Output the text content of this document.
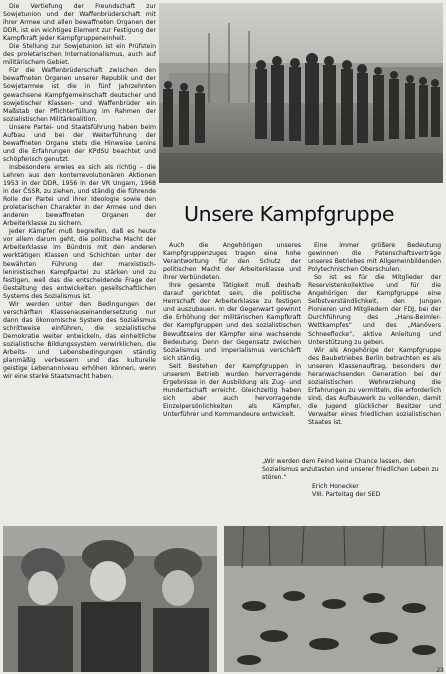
Die Vertiefung der Freundschaft zur Sowjetunion und der Waffenbrüderschaft mit ihrer Armee und allen bewaffneten Organen der DDR, ist ein wichtiges Element zur Festigung der Kampfkraft jeder Kampfgruppeneinheit.

Die Stellung zur Sowjetunion ist ein Prüfstein des proletarischen Internationalismus, auch auf militärischem Gebiet.

Für die Waffenbrüderschaft zwischen den bewaffneten Organen unserer Republik und der Sowjetarmee ist die in fünf Jahrzehnten gewachsene Kampfgemeinschaft deutscher und sowjetischer Klassen- und Waffenbrüder ein Maßstab der Pflichterfüllung im Rahmen der sozialistischen Militärkoalition.

Unsere Partei- und Staatsführung haben beim Aufbau und bei der Weiterführung der bewaffneten Organe stets die Hinweise Lenins und die Erfahrungen der KPdSU beachtet und schöpferisch genutzt.

Insbesondere erwies es sich als richtig – die Lehren aus den konterrevolutionären Aktionen 1953 in der DDR, 1956 in der VR Ungarn, 1968 in der ČSSR, zu ziehen, und ständig die führende Rolle der Partei und ihrer Ideologie sowie den proletarischen Charakter in der Armee und den anderen bewaffneten Organen der Arbeiterklasse zu sichern.

Jeder Kämpfer muß begreifen, daß es heute vor allem darum geht, die politische Macht der Arbeiterklasse im Bündnis mit den anderen werktätigen Klassen und Schichten unter der bewährten Führung der marxistisch-leninistischen Kampfpartei zu stärken und zu festigen, weil das die entscheidende Frage der Gestaltung des entwickelten gesellschaftlichen Systems des Sozialismus ist.

Wir werden unter den Bedingungen der verschärften Klassenauseinandersetzung nur dann das ökonomische System des Sozialismus schrittweise einführen, die sozialistische Demokratie weiter entwickeln, das einheitliche sozialistische Bildungssystem verwirklichen, die Arbeits- und Lebensbedingungen ständig planmäßig verbessern und das kulturelle geistige Lebenanniveau erhöhen können, wenn wir eine starke Staatsmacht haben.

Unsere Kampfgruppe

Auch die Angehörigen unseres Kampfgruppenzuges tragen eine hohe Verantwortung für den Schutz der politischen Macht der Arbeiterklasse und ihrer Verbündeten.

Ihre gesamte Tätigkeit muß deshalb darauf gerichtet sein, die politische Herrschaft der Arbeiterklasse zu festigen und auszubauen. In der Gegenwart gewinnt die Erhöhung der militärischen Kampfkraft der Kampfgruppen und des sozialistischen Bewußtseins der Kämpfer eine wachsende Bedeutung. Denn der Gegensatz zwischen Sozialismus und Imperialismus verschärft sich ständig.

Seit Bestehen der Kampfgruppen in unserem Betrieb wurden hervorragende Ergebnisse in der Ausbildung als Zug- und Hundertschaft erreicht. Gleichzeitig haben sich aber auch hervorragende Einzelpersönlichkeiten als Kämpfer, Unterführer und Kommandeure entwickelt.

Eine immer größere Bedeutung gewinnen die Patenschaftsverträge unseres Betriebes mit Allgemeinbildenden Polytechnischen Oberschulen.

So ist es für die Mitglieder der Reservistenkollektive und für die Angehörigen der Kampfgruppe eine Selbstverständlichkeit, den Jungen Pionieren und Mitgliedern der FDJ, bei der Durchführung des „Hans-Beimler-Wettkampfes“ und des „Manövers Schneeflocke“, aktive Anleitung und Unterstützung zu geben.

Wir als Angehörige der Kampfgruppe des Baubetriebes Berlin betrachten es als unseren Klassenauftrag, besonders der heranwachsenden Generation bei der sozialistischen Wehrerziehung die Erfahrungen zu vermitteln, die erforderlich sind, das Aufbauwerk zu vollenden, damit die Jugend glücklicher Besitzer und Verwalter eines friedlichen sozialistischen Staates ist.

„Wir werden dem Feind keine Chance lassen, den Sozialismus anzutasten und unserer friedlichen Leben zu stören.“

Erich Honecker

VIII. Parteitag der SED

23
